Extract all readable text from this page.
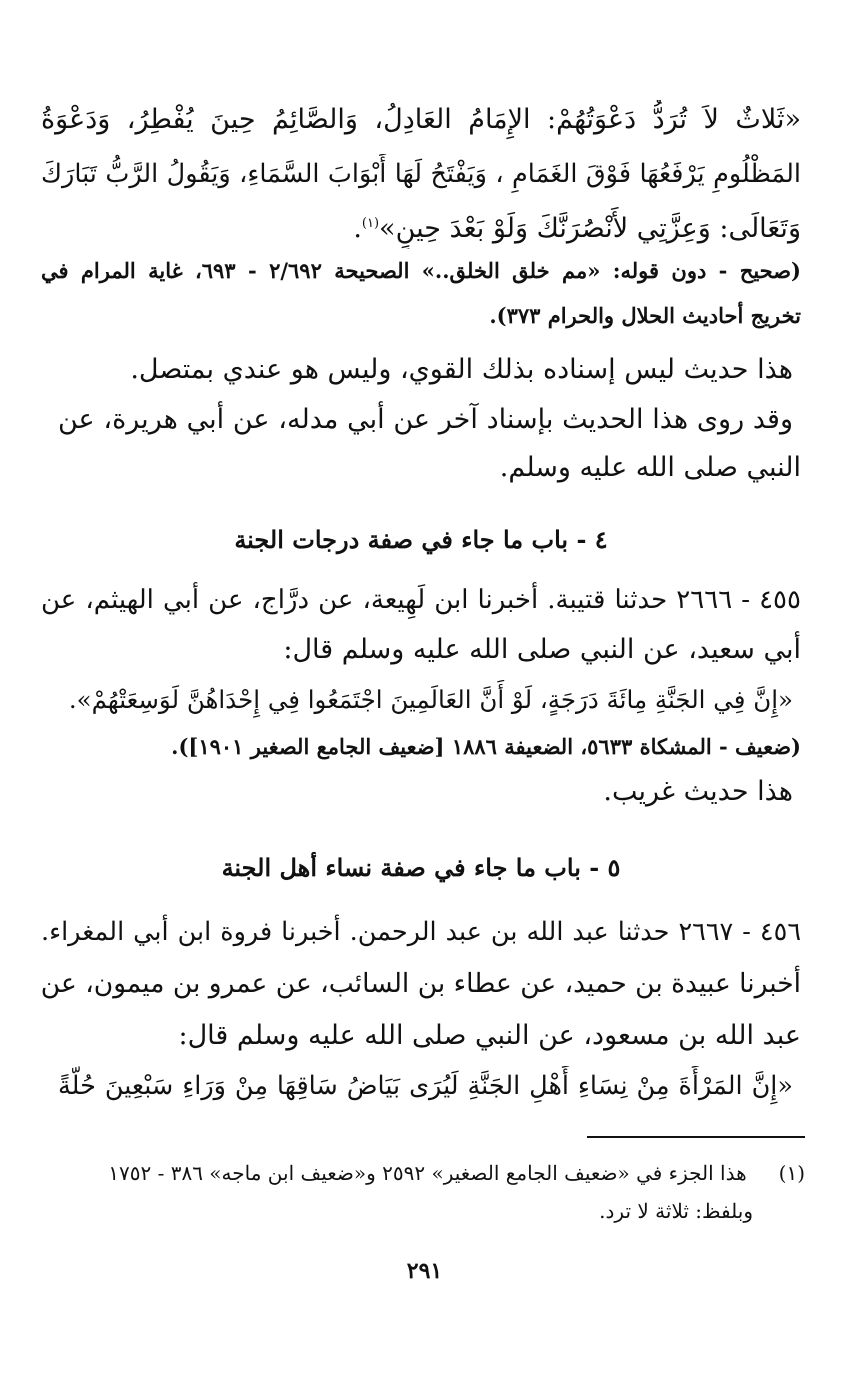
«ثَلاثٌ لاَ تُرَدُّ دَعْوَتُهُمْ: الإِمَامُ العَادِلُ، وَالصَّائِمُ حِينَ يُفْطِرُ، وَدَعْوَةُ
المَظْلُومِ يَرْفَعُهَا فَوْقَ الغَمَامِ ، وَيَفْتَحُ لَهَا أَبْوَابَ السَّمَاءِ، وَيَقُولُ الرَّبُّ تَبَارَكَ
وَتَعَالَى: وَعِزَّتِي لأَنْصُرَنَّكَ وَلَوْ بَعْدَ حِينٍ»$^{(١)}$.
(صحيح - دون قوله: «مم خلق الخلق..» الصحيحة ٢/٦٩٢ - ٦٩٣، غاية المرام في
تخريج أحاديث الحلال والحرام ٣٧٣).
هذا حديث ليس إسناده بذلك القوي، وليس هو عندي بمتصل.
وقد روى هذا الحديث بإسناد آخر عن أبي مدله، عن أبي هريرة، عن
النبي صلى الله عليه وسلم.
٤ - باب ما جاء في صفة درجات الجنة
٤٥٥ - ٢٦٦٦ حدثنا قتيبة. أخبرنا ابن لَهِيعة، عن درَّاج، عن أبي الهيثم، عن
أبي سعيد، عن النبي صلى الله عليه وسلم قال:
«إِنَّ فِي الجَنَّةِ مِائَةَ دَرَجَةٍ، لَوْ أَنَّ العَالَمِينَ اجْتَمَعُوا فِي إِحْدَاهُنَّ لَوَسِعَتْهُمْ».
(ضعيف - المشكاة ٥٦٣٣، الضعيفة ١٨٨٦ [ضعيف الجامع الصغير ١٩٠١]).
هذا حديث غريب.
٥ - باب ما جاء في صفة نساء أهل الجنة
٤٥٦ - ٢٦٦٧ حدثنا عبد الله بن عبد الرحمن. أخبرنا فروة ابن أبي المغراء.
أخبرنا عبيدة بن حميد، عن عطاء بن السائب، عن عمرو بن ميمون، عن
عبد الله بن مسعود، عن النبي صلى الله عليه وسلم قال:
«إِنَّ المَرْأَةَ مِنْ نِسَاءِ أَهْلِ الجَنَّةِ لَيُرَى بَيَاضُ سَاقِهَا مِنْ وَرَاءِ سَبْعِينَ حُلَّةً
(١) هذا الجزء في «ضعيف الجامع الصغير» ٢٥٩٢ و«ضعيف ابن ماجه» ٣٨٦ - ١٧٥٢
وبلفظ: ثلاثة لا ترد.
٢٩١
